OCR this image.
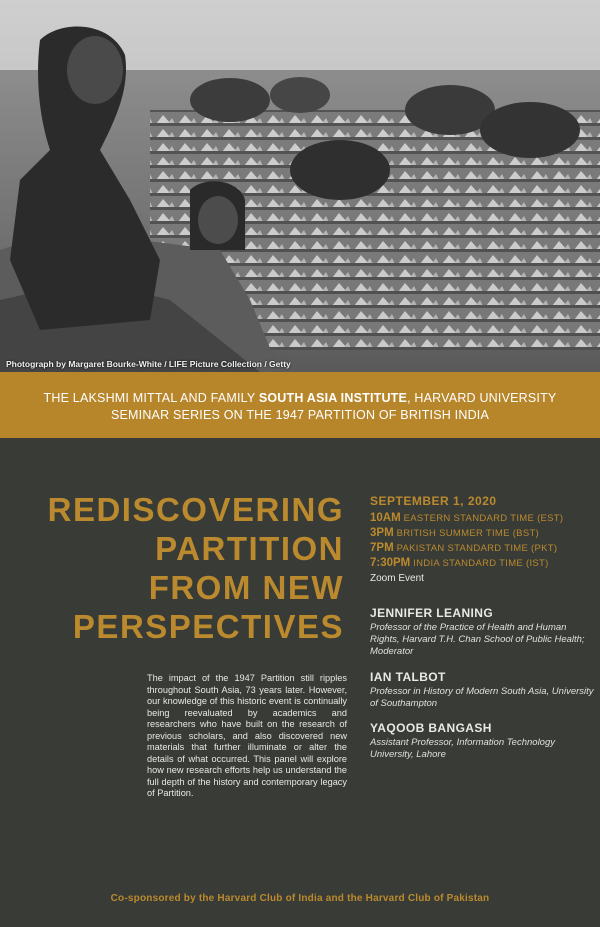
Photograph by Margaret Bourke-White / LIFE Picture Collection / Getty
THE LAKSHMI MITTAL AND FAMILY SOUTH ASIA INSTITUTE, HARVARD UNIVERSITY
SEMINAR SERIES ON THE 1947 PARTITION OF BRITISH INDIA
REDISCOVERING
PARTITION
FROM NEW
PERSPECTIVES
The impact of the 1947 Partition still ripples throughout South Asia, 73 years later. However, our knowledge of this historic event is continually being reevaluated by academics and researchers who have built on the research of previous scholars, and also discovered new materials that further illuminate or alter the details of what occurred. This panel will explore how new research efforts help us understand the full depth of the history and contemporary legacy of Partition.
SEPTEMBER 1, 2020
10AM EASTERN STANDARD TIME (EST)
3PM BRITISH SUMMER TIME (BST)
7PM PAKISTAN STANDARD TIME (PKT)
7:30PM INDIA STANDARD TIME (IST)
Zoom Event
JENNIFER LEANING
Professor of the Practice of Health and Human Rights, Harvard T.H. Chan School of Public Health; Moderator
IAN TALBOT
Professor in History of Modern South Asia, University of Southampton
YAQOOB BANGASH
Assistant Professor, Information Technology University, Lahore
Co-sponsored by the Harvard Club of India and the Harvard Club of Pakistan
